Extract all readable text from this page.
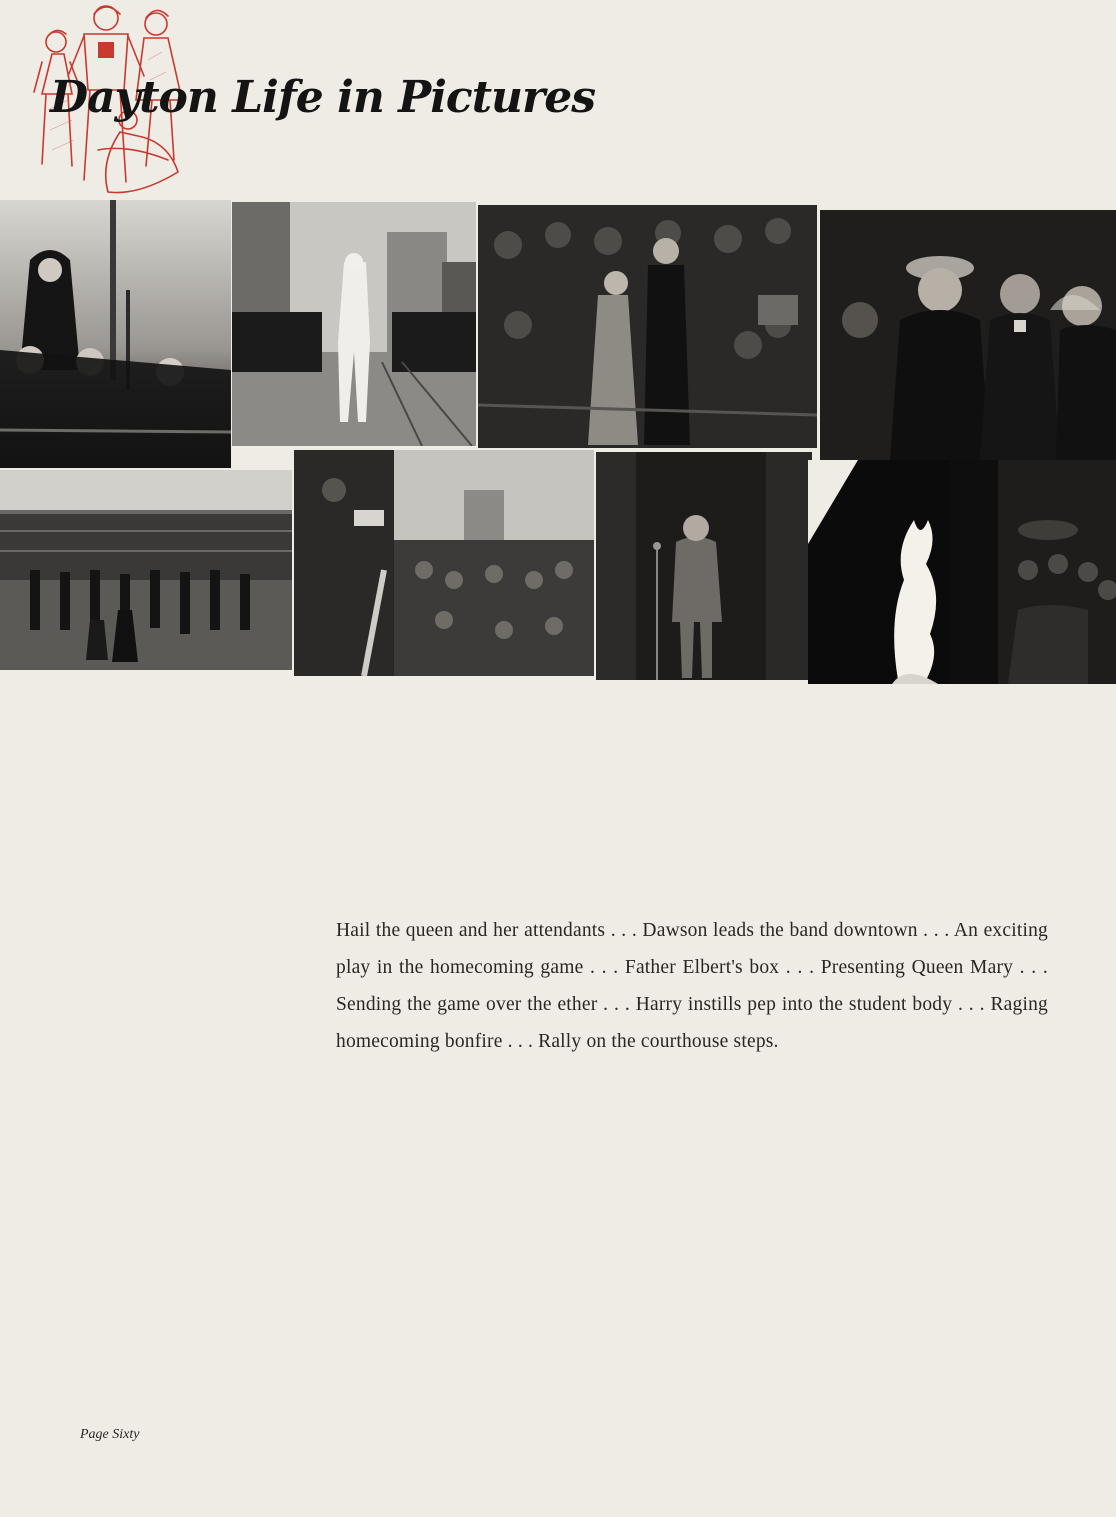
Dayton Life in Pictures
Hail the queen and her attendants . . . Dawson leads the band downtown . . . An exciting play in the homecoming game . . . Father Elbert's box . . . Presenting Queen Mary . . . Sending the game over the ether . . . Harry instills pep into the student body . . . Raging homecoming bonfire . . . Rally on the courthouse steps.
Page Sixty
